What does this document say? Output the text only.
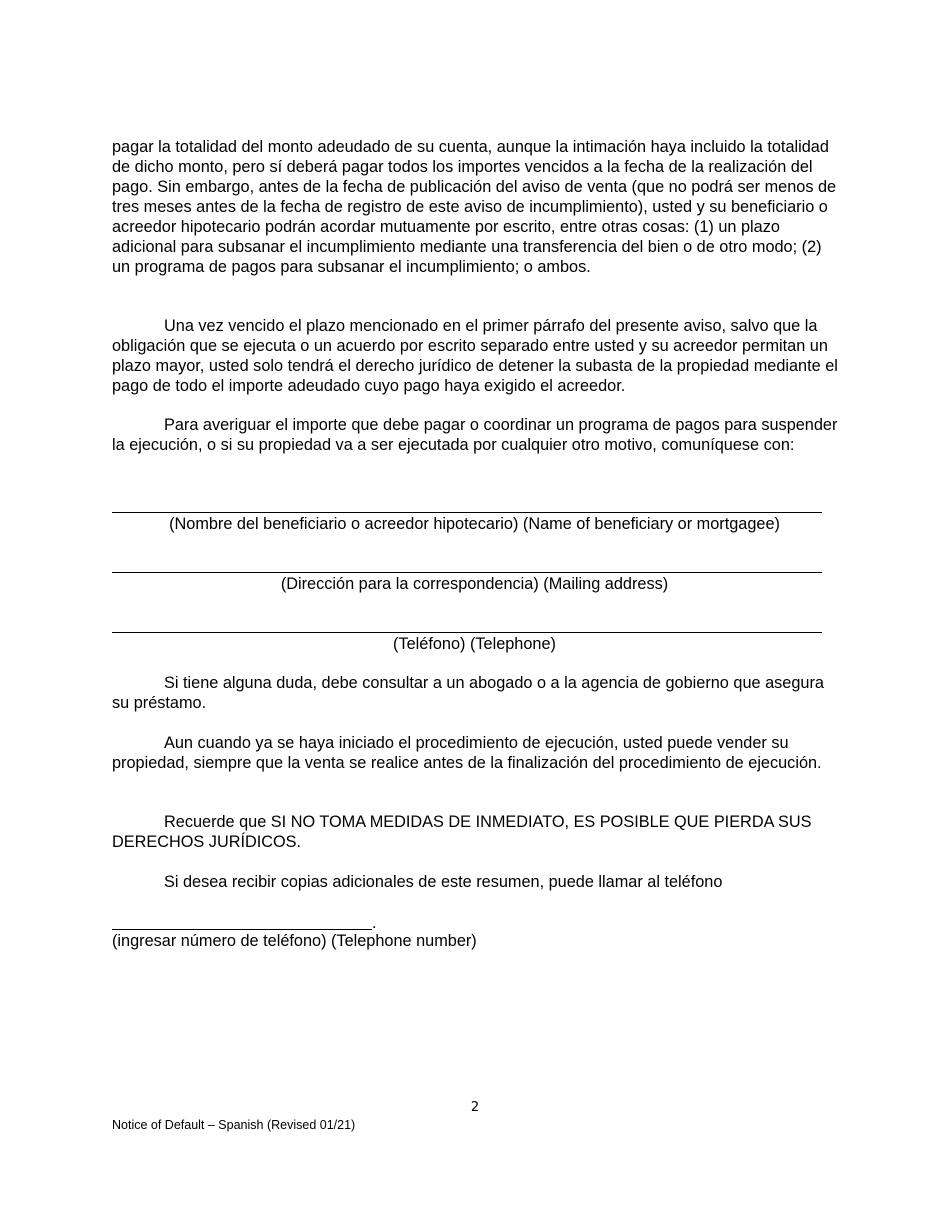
pagar la totalidad del monto adeudado de su cuenta, aunque la intimación haya incluido la totalidad de dicho monto, pero sí deberá pagar todos los importes vencidos a la fecha de la realización del pago. Sin embargo, antes de la fecha de publicación del aviso de venta (que no podrá ser menos de tres meses antes de la fecha de registro de este aviso de incumplimiento), usted y su beneficiario o acreedor hipotecario podrán acordar mutuamente por escrito, entre otras cosas: (1) un plazo adicional para subsanar el incumplimiento mediante una transferencia del bien o de otro modo; (2) un programa de pagos para subsanar el incumplimiento; o ambos.

Una vez vencido el plazo mencionado en el primer párrafo del presente aviso, salvo que la obligación que se ejecuta o un acuerdo por escrito separado entre usted y su acreedor permitan un plazo mayor, usted solo tendrá el derecho jurídico de detener la subasta de la propiedad mediante el pago de todo el importe adeudado cuyo pago haya exigido el acreedor.

Para averiguar el importe que debe pagar o coordinar un programa de pagos para suspender la ejecución, o si su propiedad va a ser ejecutada por cualquier otro motivo, comuníquese con:

(Nombre del beneficiario o acreedor hipotecario) (Name of beneficiary or mortgagee)
(Dirección para la correspondencia) (Mailing address)
(Teléfono) (Telephone)

Si tiene alguna duda, debe consultar a un abogado o a la agencia de gobierno que asegura su préstamo.

Aun cuando ya se haya iniciado el procedimiento de ejecución, usted puede vender su propiedad, siempre que la venta se realice antes de la finalización del procedimiento de ejecución.

Recuerde que SI NO TOMA MEDIDAS DE INMEDIATO, ES POSIBLE QUE PIERDA SUS DERECHOS JURÍDICOS.

Si desea recibir copias adicionales de este resumen, puede llamar al teléfono

.
(ingresar número de teléfono) (Telephone number)
2
Notice of Default – Spanish (Revised 01/21)
